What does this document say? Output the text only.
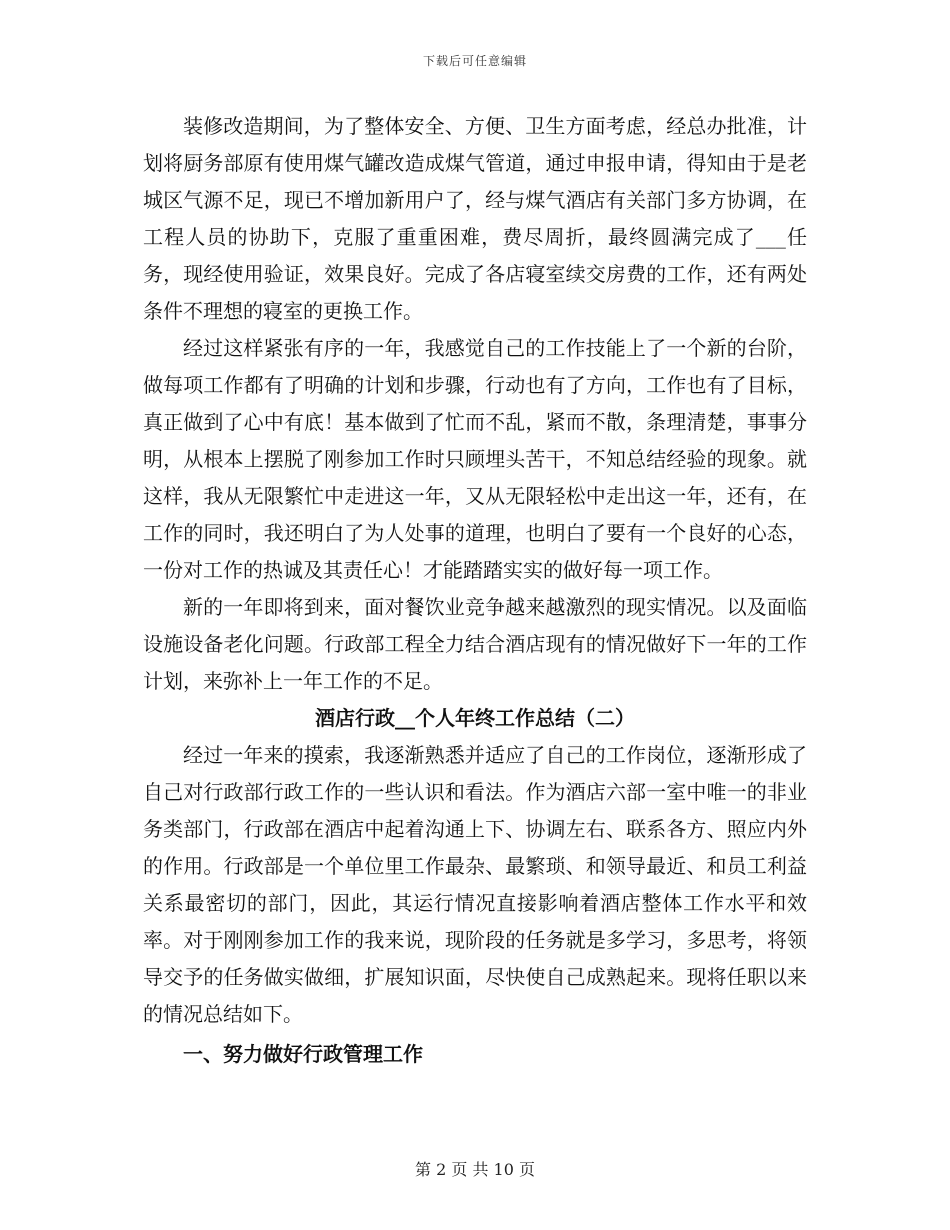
下载后可任意编辑

装修改造期间，为了整体安全、方便、卫生方面考虑，经总办批准，计划将厨务部原有使用煤气罐改造成煤气管道，通过申报申请，得知由于是老城区气源不足，现已不增加新用户了，经与煤气酒店有关部门多方协调，在工程人员的协助下，克服了重重困难，费尽周折，最终圆满完成了___任务，现经使用验证，效果良好。完成了各店寝室续交房费的工作，还有两处条件不理想的寝室的更换工作。

经过这样紧张有序的一年，我感觉自己的工作技能上了一个新的台阶，做每项工作都有了明确的计划和步骤，行动也有了方向，工作也有了目标，真正做到了心中有底！基本做到了忙而不乱，紧而不散，条理清楚，事事分明，从根本上摆脱了刚参加工作时只顾埋头苦干，不知总结经验的现象。就这样，我从无限繁忙中走进这一年，又从无限轻松中走出这一年，还有，在工作的同时，我还明白了为人处事的道理，也明白了要有一个良好的心态，一份对工作的热诚及其责任心！才能踏踏实实的做好每一项工作。

新的一年即将到来，面对餐饮业竞争越来越激烈的现实情况。以及面临设施设备老化问题。行政部工程全力结合酒店现有的情况做好下一年的工作计划，来弥补上一年工作的不足。

酒店行政__个人年终工作总结（二）

经过一年来的摸索，我逐渐熟悉并适应了自己的工作岗位，逐渐形成了自己对行政部行政工作的一些认识和看法。作为酒店六部一室中唯一的非业务类部门，行政部在酒店中起着沟通上下、协调左右、联系各方、照应内外的作用。行政部是一个单位里工作最杂、最繁琐、和领导最近、和员工利益关系最密切的部门，因此，其运行情况直接影响着酒店整体工作水平和效率。对于刚刚参加工作的我来说，现阶段的任务就是多学习，多思考，将领导交予的任务做实做细，扩展知识面，尽快使自己成熟起来。现将任职以来的情况总结如下。

一、努力做好行政管理工作

第 2 页 共 10 页
